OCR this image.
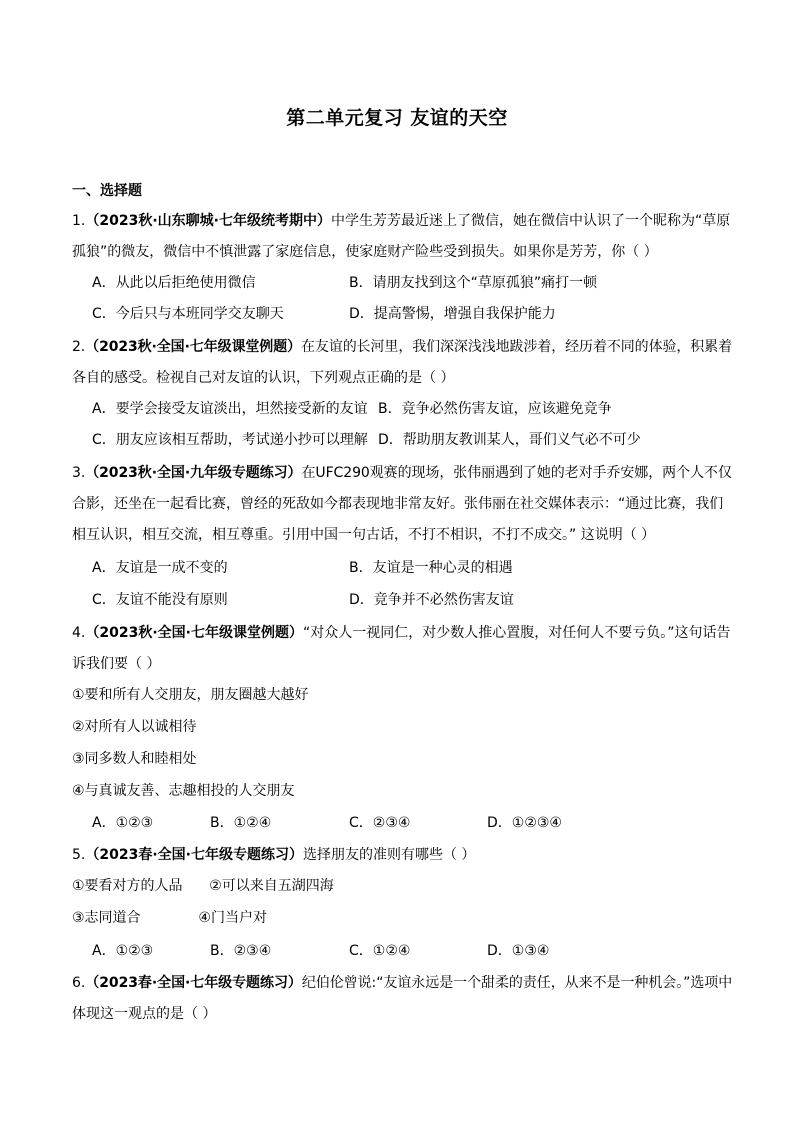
第二单元复习 友谊的天空
一、选择题
1.（2023秋·山东聊城·七年级统考期中）中学生芳芳最近迷上了微信，她在微信中认识了一个昵称为“草原
孤狼”的微友，微信中不慎泄露了家庭信息，使家庭财产险些受到损失。如果你是芳芳，你（ ）
A．从此以后拒绝使用微信	B．请朋友找到这个“草原孤狼”痛打一顿
C．今后只与本班同学交友聊天	D．提高警惕，增强自我保护能力
2.（2023秋·全国·七年级课堂例题）在友谊的长河里，我们深深浅浅地跋涉着，经历着不同的体验，积累着
各自的感受。检视自己对友谊的认识，下列观点正确的是（ ）
A．要学会接受友谊淡出，坦然接受新的友谊 B．竞争必然伤害友谊，应该避免竞争
C．朋友应该相互帮助，考试递小抄可以理解 D．帮助朋友教训某人，哥们义气必不可少
3.（2023秋·全国·九年级专题练习）在UFC290观赛的现场，张伟丽遇到了她的老对手乔安娜，两个人不仅
合影，还坐在一起看比赛，曾经的死敌如今都表现地非常友好。张伟丽在社交媒体表示：“通过比赛，我们
相互认识，相互交流，相互尊重。引用中国一句古话，不打不相识，不打不成交。” 这说明（ ）
A．友谊是一成不变的	B．友谊是一种心灵的相遇
C．友谊不能没有原则	D．竞争并不必然伤害友谊
4.（2023秋·全国·七年级课堂例题）“对众人一视同仁，对少数人推心置腹，对任何人不要亏负。”这句话告
诉我们要（ ）
①要和所有人交朋友，朋友圈越大越好
②对所有人以诚相待
③同多数人和睦相处
④与真诚友善、志趣相投的人交朋友
A．①②③	B．①②④	C．②③④	D．①②③④
5.（2023春·全国·七年级专题练习）选择朋友的准则有哪些（ ）
①要看对方的人品      ②可以来自五湖四海
③志同道合             ④门当户对
A．①②③	B．②③④	C．①②④	D．①③④
6.（2023春·全国·七年级专题练习）纪伯伦曾说:“友谊永远是一个甜柔的责任，从来不是一种机会。”选项中
体现这一观点的是（ ）
